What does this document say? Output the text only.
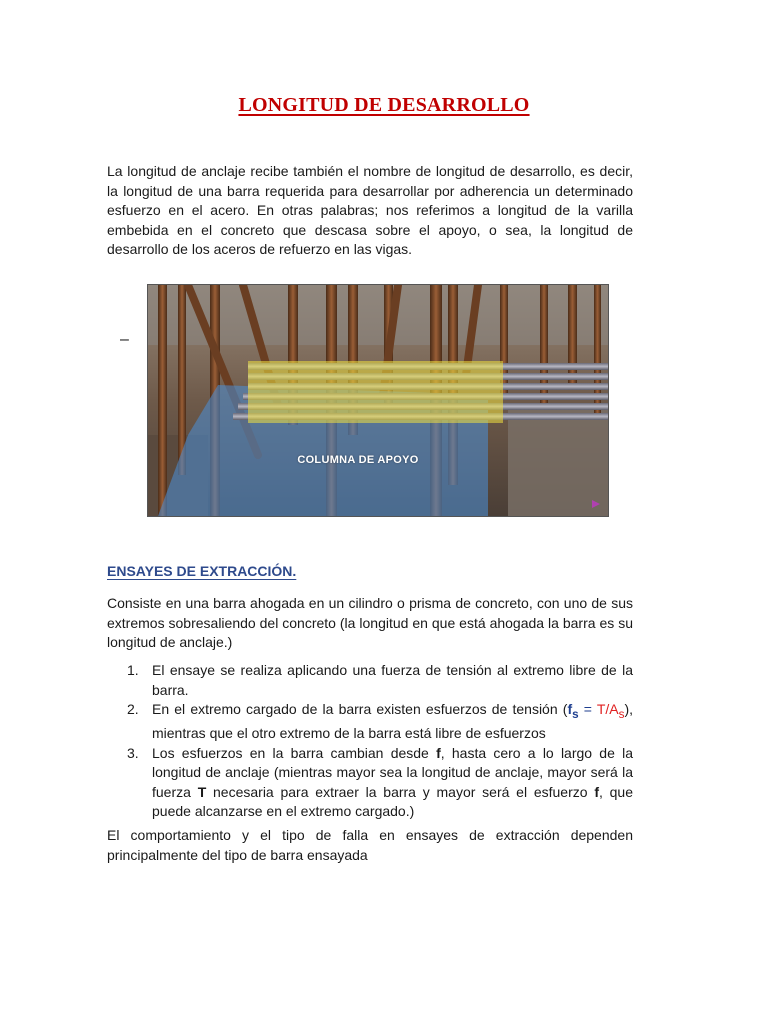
LONGITUD DE DESARROLLO

La longitud de anclaje recibe también el nombre de longitud de desarrollo, es decir, la longitud de una barra requerida para desarrollar por adherencia un determinado esfuerzo en el acero. En otras palabras; nos referimos a longitud de la varilla embebida en el concreto que descasa sobre el apoyo, o sea, la longitud de desarrollo de los aceros de refuerzo en las vigas.

–
COLUMNA DE APOYO
ENSAYES DE EXTRACCIÓN.

Consiste en una barra ahogada en un cilindro o prisma de concreto, con uno de sus extremos sobresaliendo del concreto (la longitud en que está ahogada la barra es su longitud de anclaje.)

1. El ensaye se realiza aplicando una fuerza de tensión al extremo libre de la barra.
2. En el extremo cargado de la barra existen esfuerzos de tensión $(f_s = T/A_s)$, mientras que el otro extremo de la barra está libre de esfuerzos
3. Los esfuerzos en la barra cambian desde f, hasta cero a lo largo de la longitud de anclaje (mientras mayor sea la longitud de anclaje, mayor será la fuerza T necesaria para extraer la barra y mayor será el esfuerzo f, que puede alcanzarse en el extremo cargado.)

El comportamiento y el tipo de falla en ensayes de extracción dependen principalmente del tipo de barra ensayada
